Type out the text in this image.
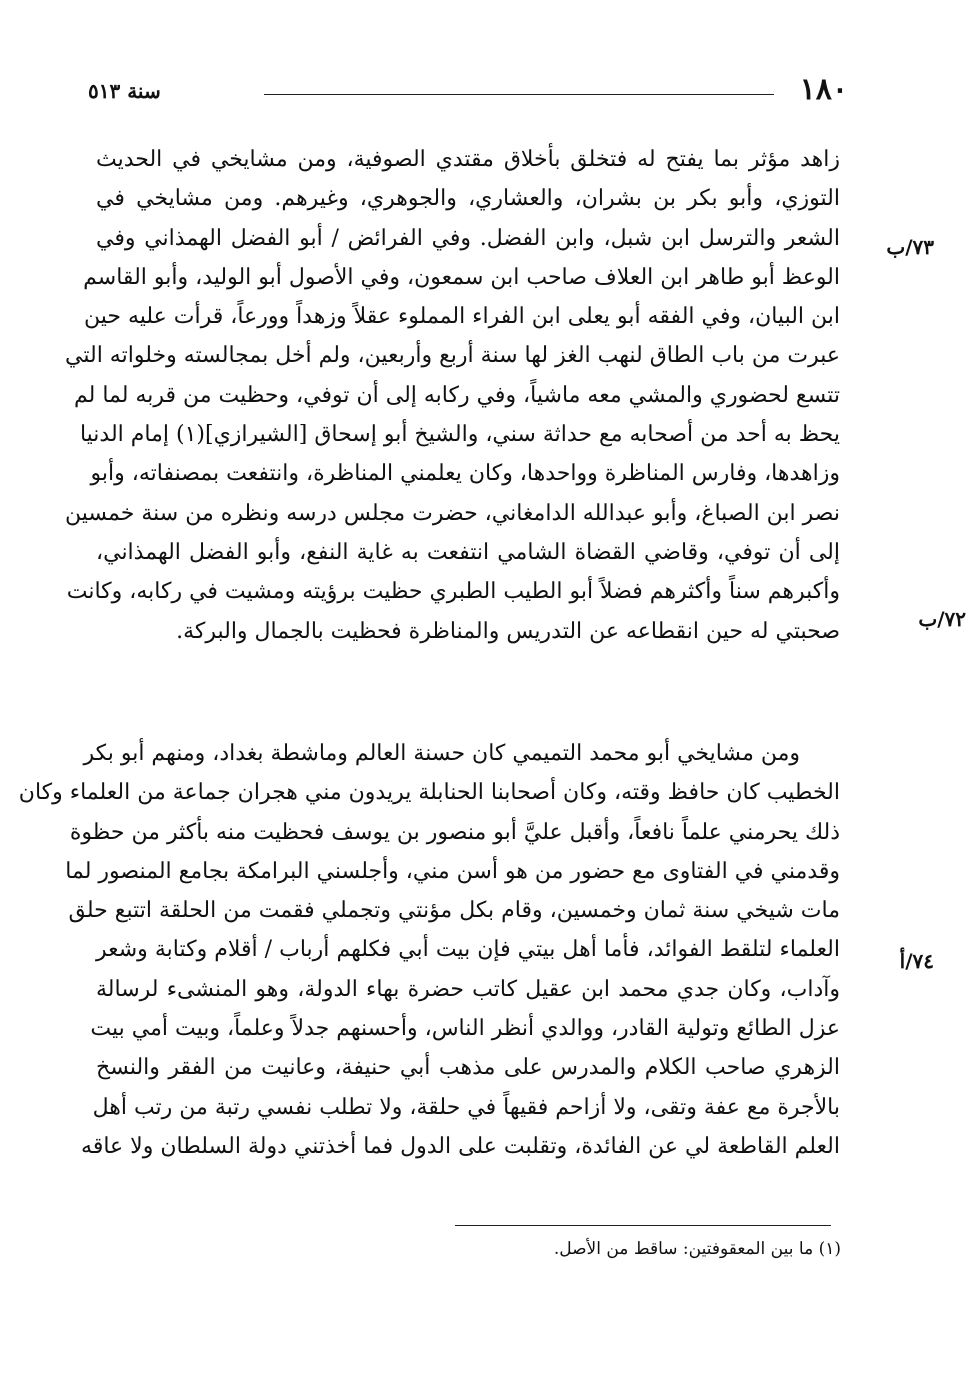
١٨٠
سنة ٥١٣
٧٣/ب
٧٢/ب
٧٤/أ
زاهد مؤثر بما يفتح له فتخلق بأخلاق مقتدي الصوفية، ومن مشايخي في الحديث
التوزي، وأبو بكر بن بشران، والعشاري، والجوهري، وغيرهم. ومن مشايخي في
الشعر والترسل ابن شبل، وابن الفضل. وفي الفرائض / أبو الفضل الهمذاني وفي
الوعظ أبو طاهر ابن العلاف صاحب ابن سمعون، وفي الأصول أبو الوليد، وأبو القاسم
ابن البيان، وفي الفقه أبو يعلى ابن الفراء المملوء عقلاً وزهداً وورعاً، قرأت عليه حين
عبرت من باب الطاق لنهب الغز لها سنة أربع وأربعين، ولم أخل بمجالسته وخلواته التي
تتسع لحضوري والمشي معه ماشياً، وفي ركابه إلى أن توفي، وحظيت من قربه لما لم
يحظ به أحد من أصحابه مع حداثة سني، والشيخ أبو إسحاق [الشيرازي](١) إمام الدنيا
وزاهدها، وفارس المناظرة وواحدها، وكان يعلمني المناظرة، وانتفعت بمصنفاته، وأبو
نصر ابن الصباغ، وأبو عبدالله الدامغاني، حضرت مجلس درسه ونظره من سنة خمسين
إلى أن توفي، وقاضي القضاة الشامي انتفعت به غاية النفع، وأبو الفضل الهمذاني،
وأكبرهم سناً وأكثرهم فضلاً أبو الطيب الطبري حظيت برؤيته ومشيت في ركابه، وكانت
صحبتي له حين انقطاعه عن التدريس والمناظرة فحظيت بالجمال والبركة.
ومن مشايخي أبو محمد التميمي كان حسنة العالم وماشطة بغداد، ومنهم أبو بكر
الخطيب كان حافظ وقته، وكان أصحابنا الحنابلة يريدون مني هجران جماعة من العلماء وكان
ذلك يحرمني علماً نافعاً، وأقبل عليَّ أبو منصور بن يوسف فحظيت منه بأكثر من حظوة
وقدمني في الفتاوى مع حضور من هو أسن مني، وأجلسني البرامكة بجامع المنصور لما
مات شيخي سنة ثمان وخمسين، وقام بكل مؤنتي وتجملي فقمت من الحلقة اتتبع حلق
العلماء لتلقط الفوائد، فأما أهل بيتي فإن بيت أبي فكلهم أرباب / أقلام وكتابة وشعر
وآداب، وكان جدي محمد ابن عقيل كاتب حضرة بهاء الدولة، وهو المنشىء لرسالة
عزل الطائع وتولية القادر، ووالدي أنظر الناس، وأحسنهم جدلاً وعلماً، وبيت أمي بيت
الزهري صاحب الكلام والمدرس على مذهب أبي حنيفة، وعانيت من الفقر والنسخ
بالأجرة مع عفة وتقى، ولا أزاحم فقيهاً في حلقة، ولا تطلب نفسي رتبة من رتب أهل
العلم القاطعة لي عن الفائدة، وتقلبت على الدول فما أخذتني دولة السلطان ولا عاقه
(١) ما بين المعقوفتين: ساقط من الأصل.
